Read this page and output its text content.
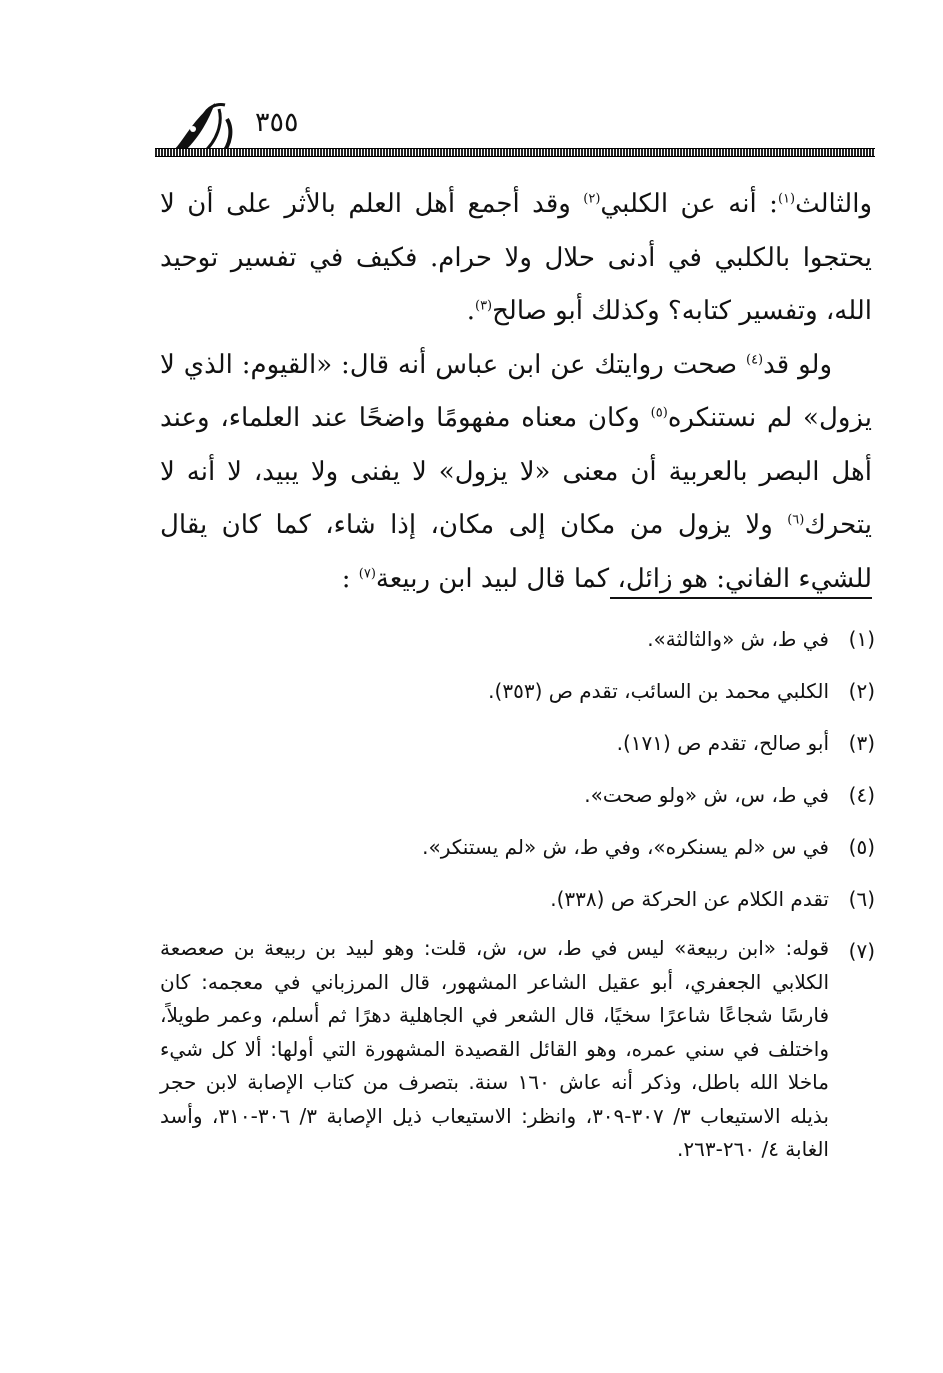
٣٥٥

والثالث$^{(١)}$: أنه عن الكلبي$^{(٢)}$ وقد أجمع أهل العلم بالأثر على أن لا يحتجوا بالكلبي في أدنى حلال ولا حرام. فكيف في تفسير توحيد الله، وتفسير كتابه؟ وكذلك أبو صالح$^{(٣)}$.

ولو قد$^{(٤)}$ صحت روايتك عن ابن عباس أنه قال: «القيوم: الذي لا يزول» لم نستنكره$^{(٥)}$ وكان معناه مفهومًا واضحًا عند العلماء، وعند أهل البصر بالعربية أن معنى «لا يزول» لا يفنى ولا يبيد، لا أنه لا يتحرك$^{(٦)}$ ولا يزول من مكان إلى مكان، إذا شاء، كما كان يقال للشيء الفاني: هو زائل، كما قال لبيد ابن ربيعة$^{(٧)}$ :

(١)
في ط، ش «والثالثة».
(٢)
الكلبي محمد بن السائب، تقدم ص (٣٥٣).
(٣)
أبو صالح، تقدم ص (١٧١).
(٤)
في ط، س، ش «ولو صحت».
(٥)
في س «لم يسنكره»، وفي ط، ش «لم يستنكر».
(٦)
تقدم الكلام عن الحركة ص (٣٣٨).
(٧)
قوله: «ابن ربيعة» ليس في ط، س، ش، قلت: وهو لبيد بن ربيعة بن صعصعة الكلابي الجعفري، أبو عقيل الشاعر المشهور، قال المرزباني في معجمه: كان فارسًا شجاعًا شاعرًا سخيًا، قال الشعر في الجاهلية دهرًا ثم أسلم، وعمر طويلاً، واختلف في سني عمره، وهو القائل القصيدة المشهورة التي أولها: ألا كل شيء ماخلا الله باطل، وذكر أنه عاش ١٦٠ سنة. بتصرف من كتاب الإصابة لابن حجر بذيله الاستيعاب ٣/ ٣٠٧-٣٠٩، وانظر: الاستيعاب ذيل الإصابة ٣/ ٣٠٦-٣١٠، وأسد الغابة ٤/ ٢٦٠-٢٦٣.
